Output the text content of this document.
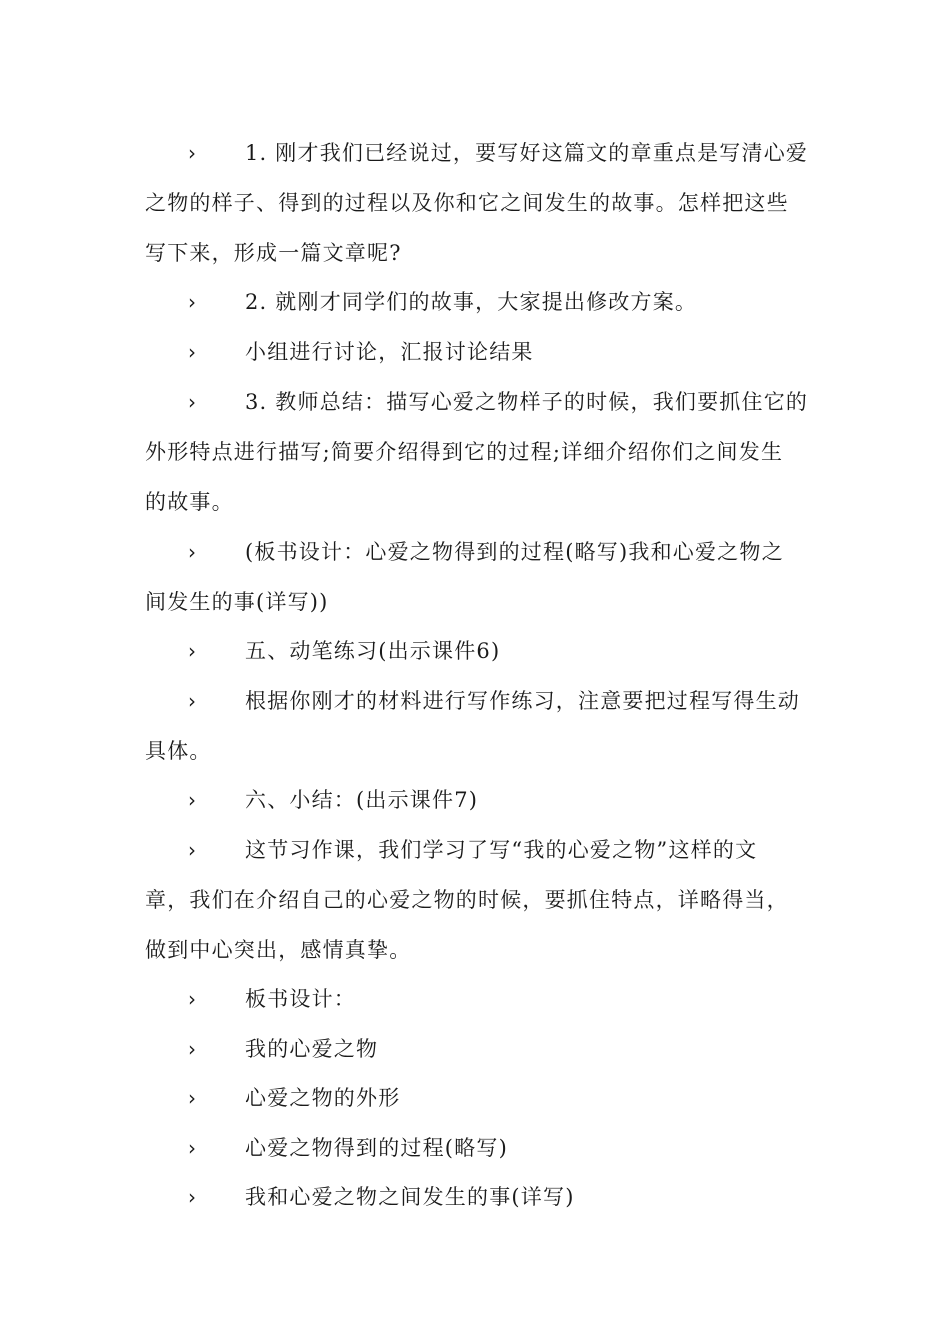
› 1. 刚才我们已经说过，要写好这篇文的章重点是写清心爱
之物的样子、得到的过程以及你和它之间发生的故事。怎样把这些
写下来，形成一篇文章呢?
› 2. 就刚才同学们的故事，大家提出修改方案。
› 小组进行讨论，汇报讨论结果
› 3. 教师总结：描写心爱之物样子的时候，我们要抓住它的
外形特点进行描写;简要介绍得到它的过程;详细介绍你们之间发生
的故事。
› (板书设计：心爱之物得到的过程(略写)我和心爱之物之
间发生的事(详写))
› 五、动笔练习(出示课件6)
› 根据你刚才的材料进行写作练习，注意要把过程写得生动
具体。
› 六、小结：(出示课件7)
› 这节习作课，我们学习了写“我的心爱之物”这样的文
章，我们在介绍自己的心爱之物的时候，要抓住特点，详略得当，
做到中心突出，感情真挚。
› 板书设计：
› 我的心爱之物
› 心爱之物的外形
› 心爱之物得到的过程(略写)
› 我和心爱之物之间发生的事(详写)
